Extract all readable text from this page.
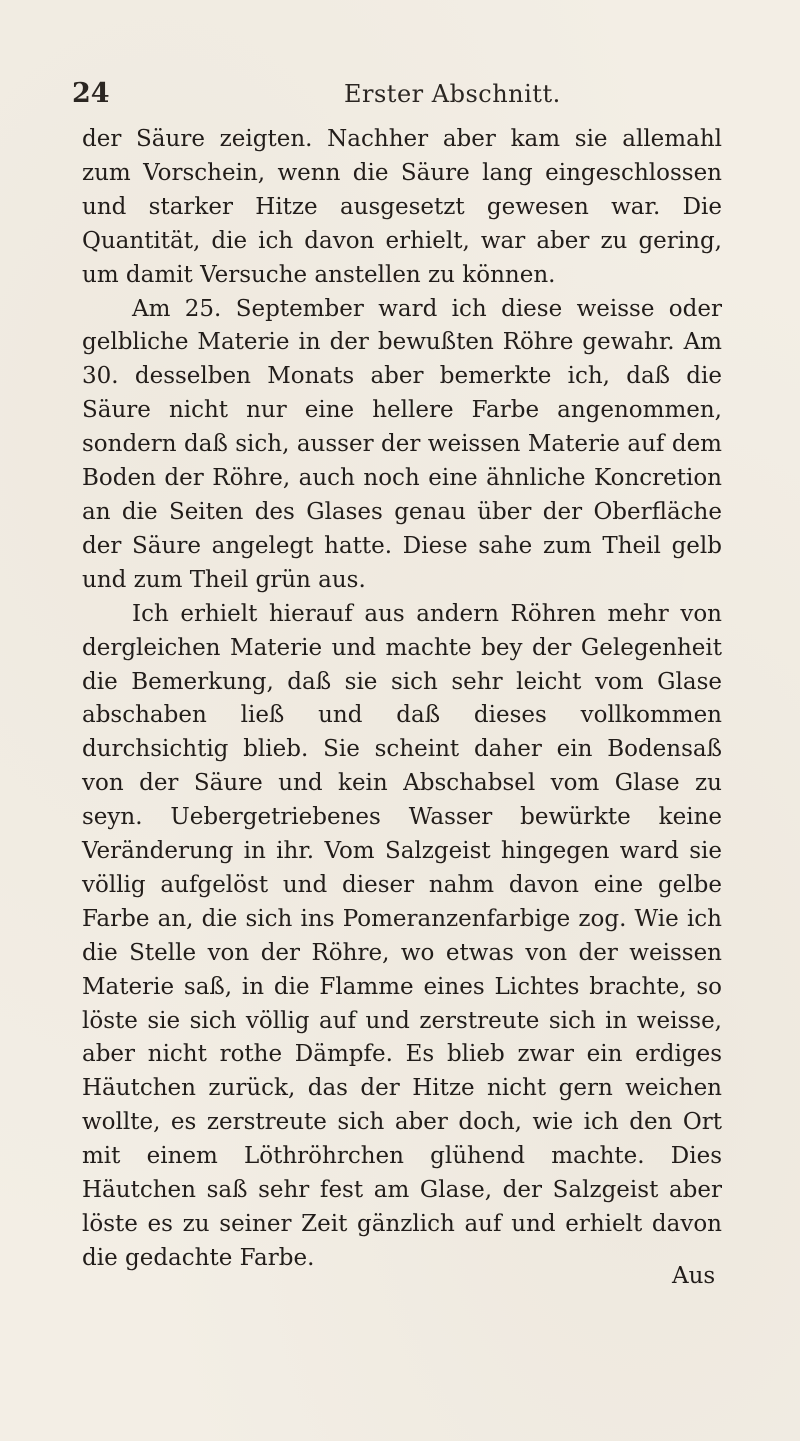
24	Erster Abschnitt.

der Säure zeigten. Nachher aber kam sie allemahl zum Vorschein, wenn die Säure lang eingeschlossen und starker Hitze ausgesetzt gewesen war. Die Quantität, die ich davon erhielt, war aber zu gering, um damit Versuche anstellen zu können.

Am 25. September ward ich diese weisse oder gelbliche Materie in der bewußten Röhre gewahr. Am 30. desselben Monats aber bemerkte ich, daß die Säure nicht nur eine hellere Farbe angenommen, sondern daß sich, ausser der weissen Materie auf dem Boden der Röhre, auch noch eine ähnliche Koncretion an die Seiten des Glases genau über der Oberfläche der Säure angelegt hatte. Diese sahe zum Theil gelb und zum Theil grün aus.

Ich erhielt hierauf aus andern Röhren mehr von dergleichen Materie und machte bey der Gelegenheit die Bemerkung, daß sie sich sehr leicht vom Glase abschaben ließ und daß dieses vollkommen durchsichtig blieb. Sie scheint daher ein Bodensaß von der Säure und kein Abschabsel vom Glase zu seyn. Uebergetriebenes Wasser bewürkte keine Veränderung in ihr. Vom Salzgeist hingegen ward sie völlig aufgelöst und dieser nahm davon eine gelbe Farbe an, die sich ins Pomeranzenfarbige zog. Wie ich die Stelle von der Röhre, wo etwas von der weissen Materie saß, in die Flamme eines Lichtes brachte, so löste sie sich völlig auf und zerstreute sich in weisse, aber nicht rothe Dämpfe. Es blieb zwar ein erdiges Häutchen zurück, das der Hitze nicht gern weichen wollte, es zerstreute sich aber doch, wie ich den Ort mit einem Löthröhrchen glühend machte. Dies Häutchen saß sehr fest am Glase, der Salzgeist aber löste es zu seiner Zeit gänzlich auf und erhielt davon die gedachte Farbe.

Aus
